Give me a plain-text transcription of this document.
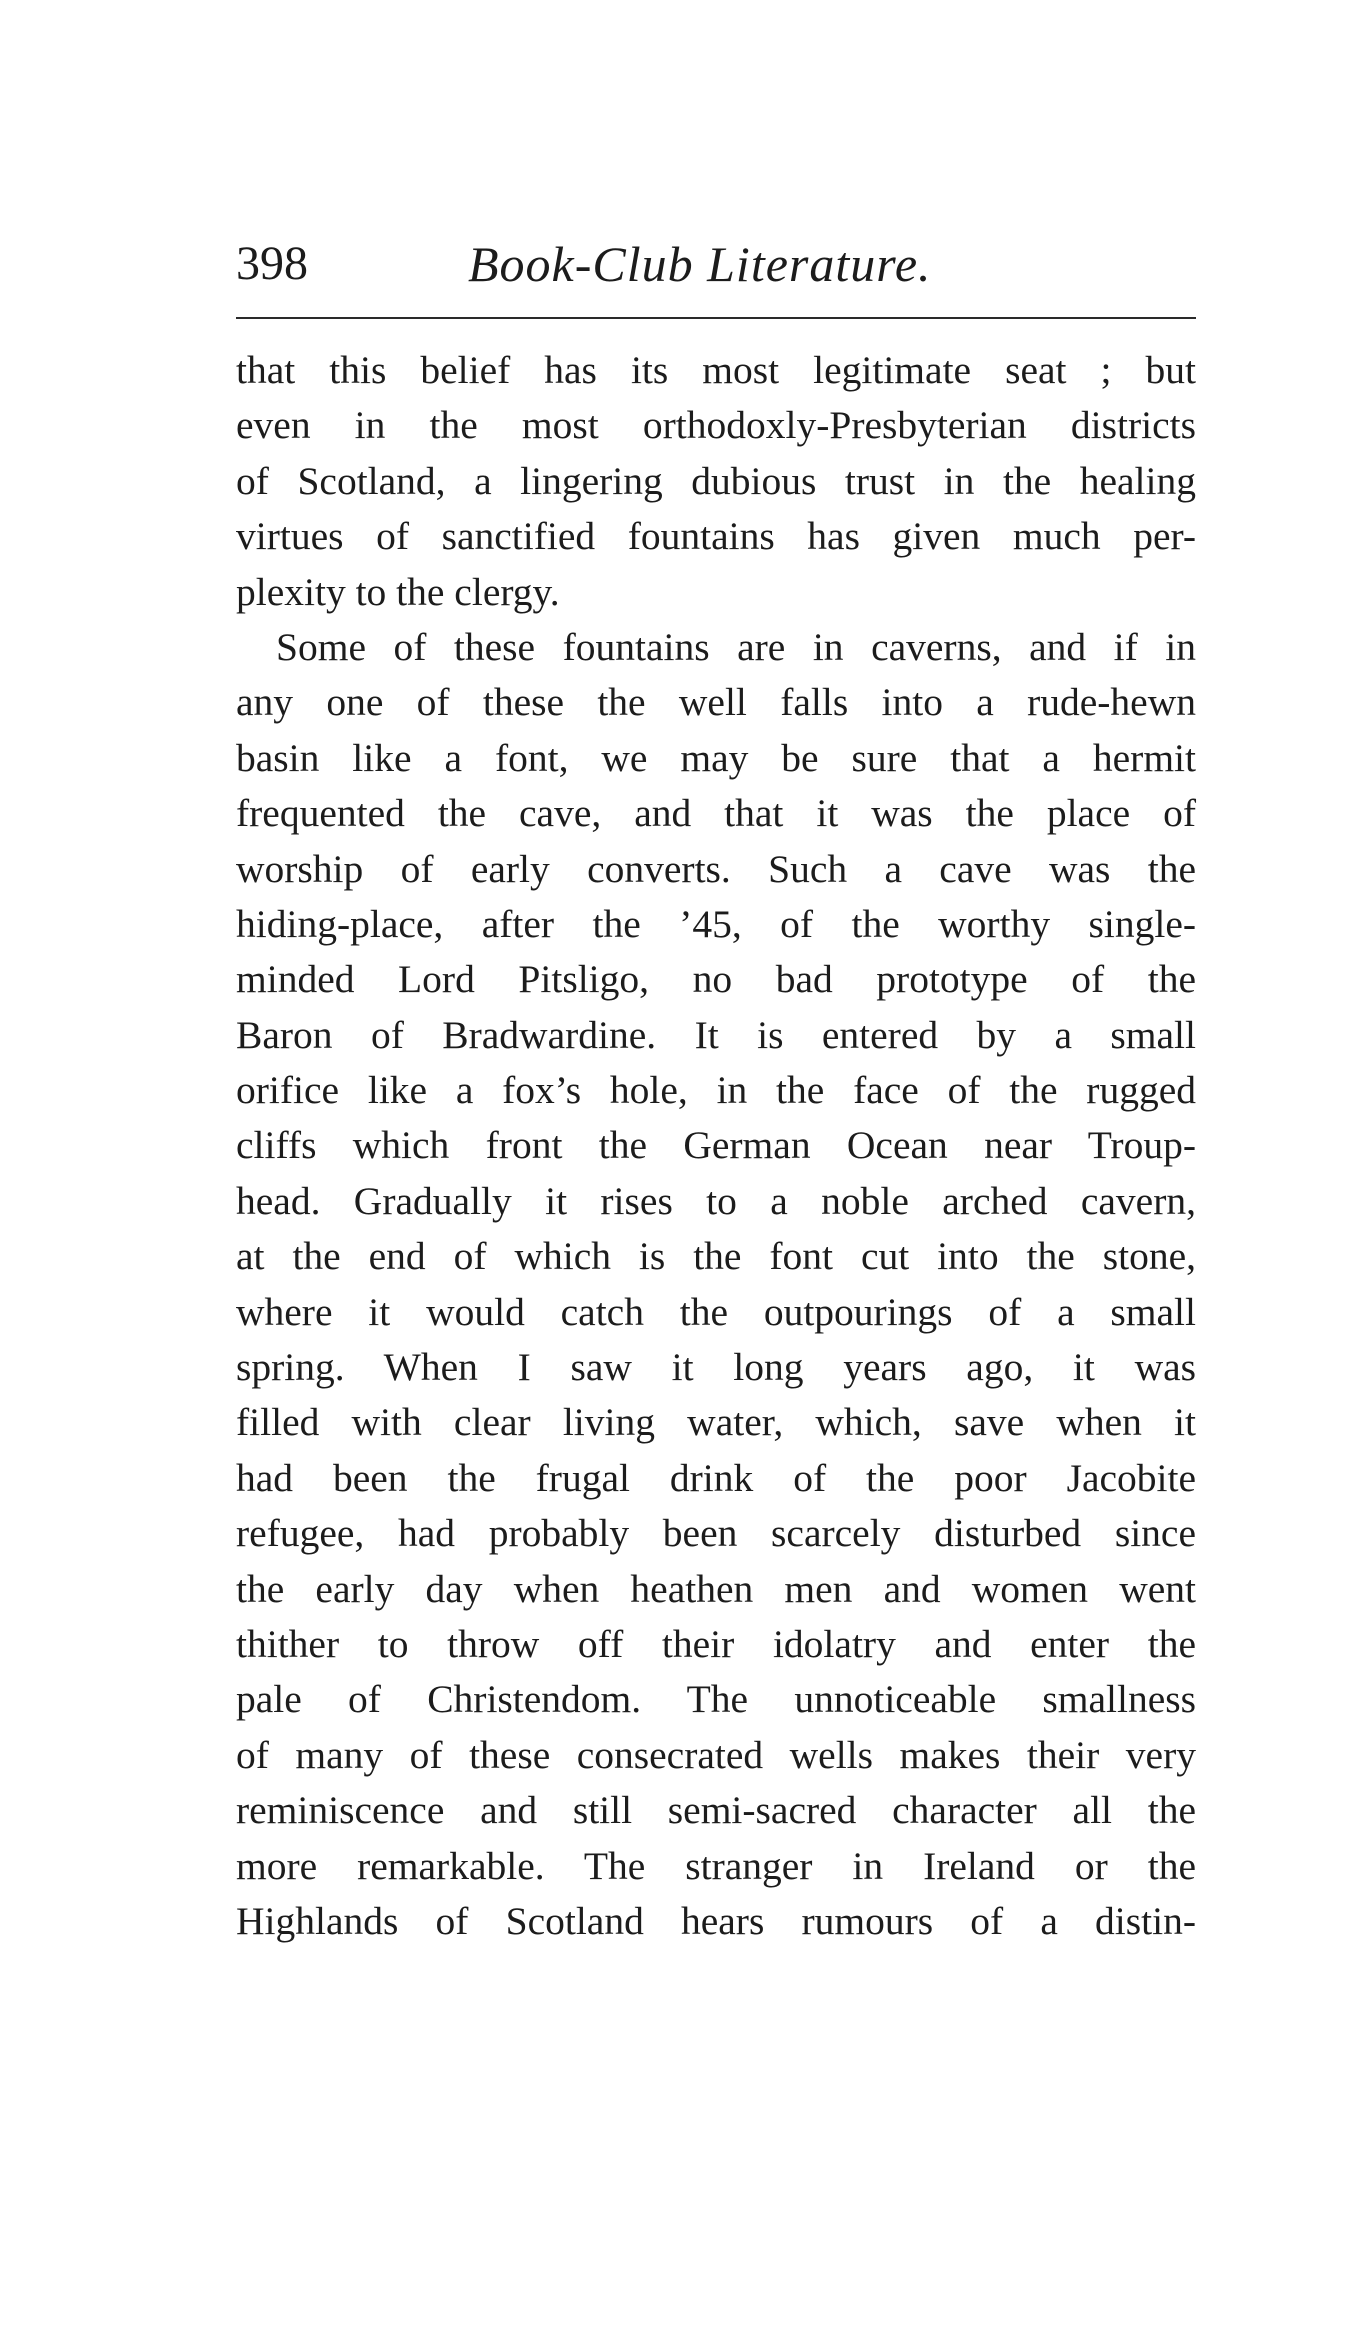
398	Book-Club Literature.
that this belief has its most legitimate seat ; but
even in the most orthodoxly-Presbyterian districts
of Scotland, a lingering dubious trust in the healing
virtues of sanctified fountains has given much per-
plexity to the clergy.
Some of these fountains are in caverns, and if in
any one of these the well falls into a rude-hewn
basin like a font, we may be sure that a hermit
frequented the cave, and that it was the place of
worship of early converts. Such a cave was the
hiding-place, after the ’45, of the worthy single-
minded Lord Pitsligo, no bad prototype of the
Baron of Bradwardine. It is entered by a small
orifice like a fox’s hole, in the face of the rugged
cliffs which front the German Ocean near Troup-
head. Gradually it rises to a noble arched cavern,
at the end of which is the font cut into the stone,
where it would catch the outpourings of a small
spring. When I saw it long years ago, it was
filled with clear living water, which, save when it
had been the frugal drink of the poor Jacobite
refugee, had probably been scarcely disturbed since
the early day when heathen men and women went
thither to throw off their idolatry and enter the
pale of Christendom. The unnoticeable smallness
of many of these consecrated wells makes their very
reminiscence and still semi-sacred character all the
more remarkable. The stranger in Ireland or the
Highlands of Scotland hears rumours of a distin-
